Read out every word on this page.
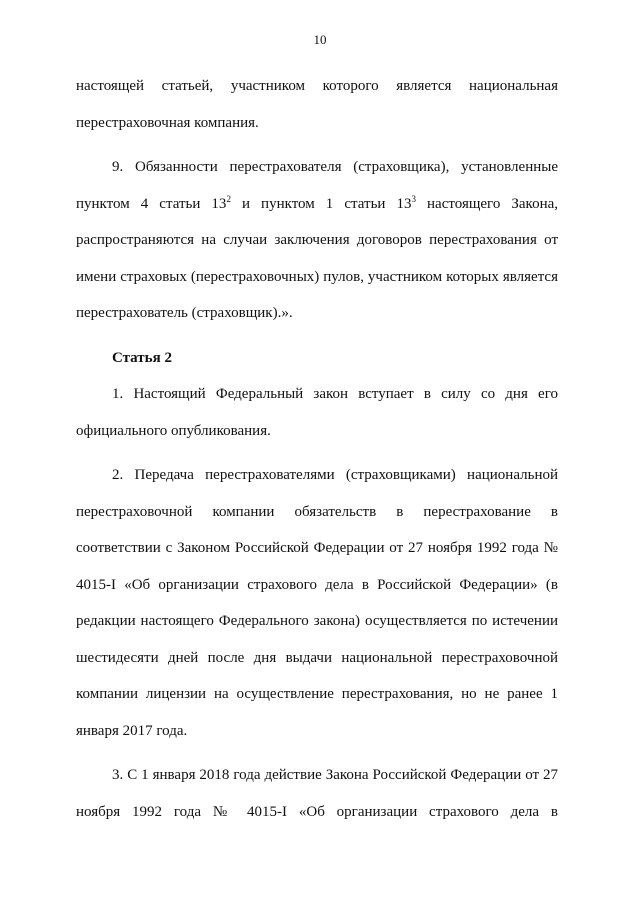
10

настоящей статьей, участником которого является национальная перестраховочная компания.

9. Обязанности перестрахователя (страховщика), установленные пунктом 4 статьи $13^2$ и пунктом 1 статьи $13^3$ настоящего Закона, распространяются на случаи заключения договоров перестрахования от имени страховых (перестраховочных) пулов, участником которых является перестрахователь (страховщик).».

Статья 2

1. Настоящий Федеральный закон вступает в силу со дня его официального опубликования.

2. Передача перестрахователями (страховщиками) национальной перестраховочной компании обязательств в перестрахование в соответствии с Законом Российской Федерации от 27 ноября 1992 года № 4015-I «Об организации страхового дела в Российской Федерации» (в редакции настоящего Федерального закона) осуществляется по истечении шестидесяти дней после дня выдачи национальной перестраховочной компании лицензии на осуществление перестрахования, но не ранее 1 января 2017 года.

3. С 1 января 2018 года действие Закона Российской Федерации от 27 ноября 1992 года № 4015-I «Об организации страхового дела в
